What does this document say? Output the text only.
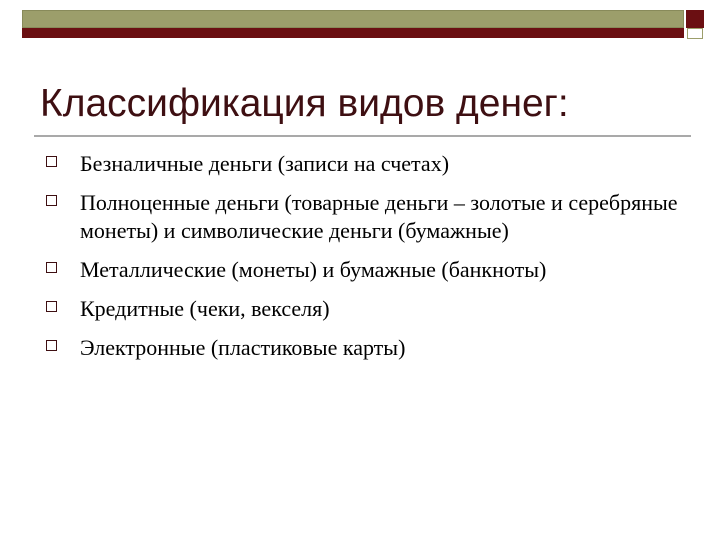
Классификация видов денег:
Безналичные деньги (записи на счетах)
Полноценные деньги (товарные деньги – золотые и серебряные монеты) и символические деньги (бумажные)
Металлические (монеты) и бумажные (банкноты)
Кредитные (чеки, векселя)
Электронные (пластиковые карты)
